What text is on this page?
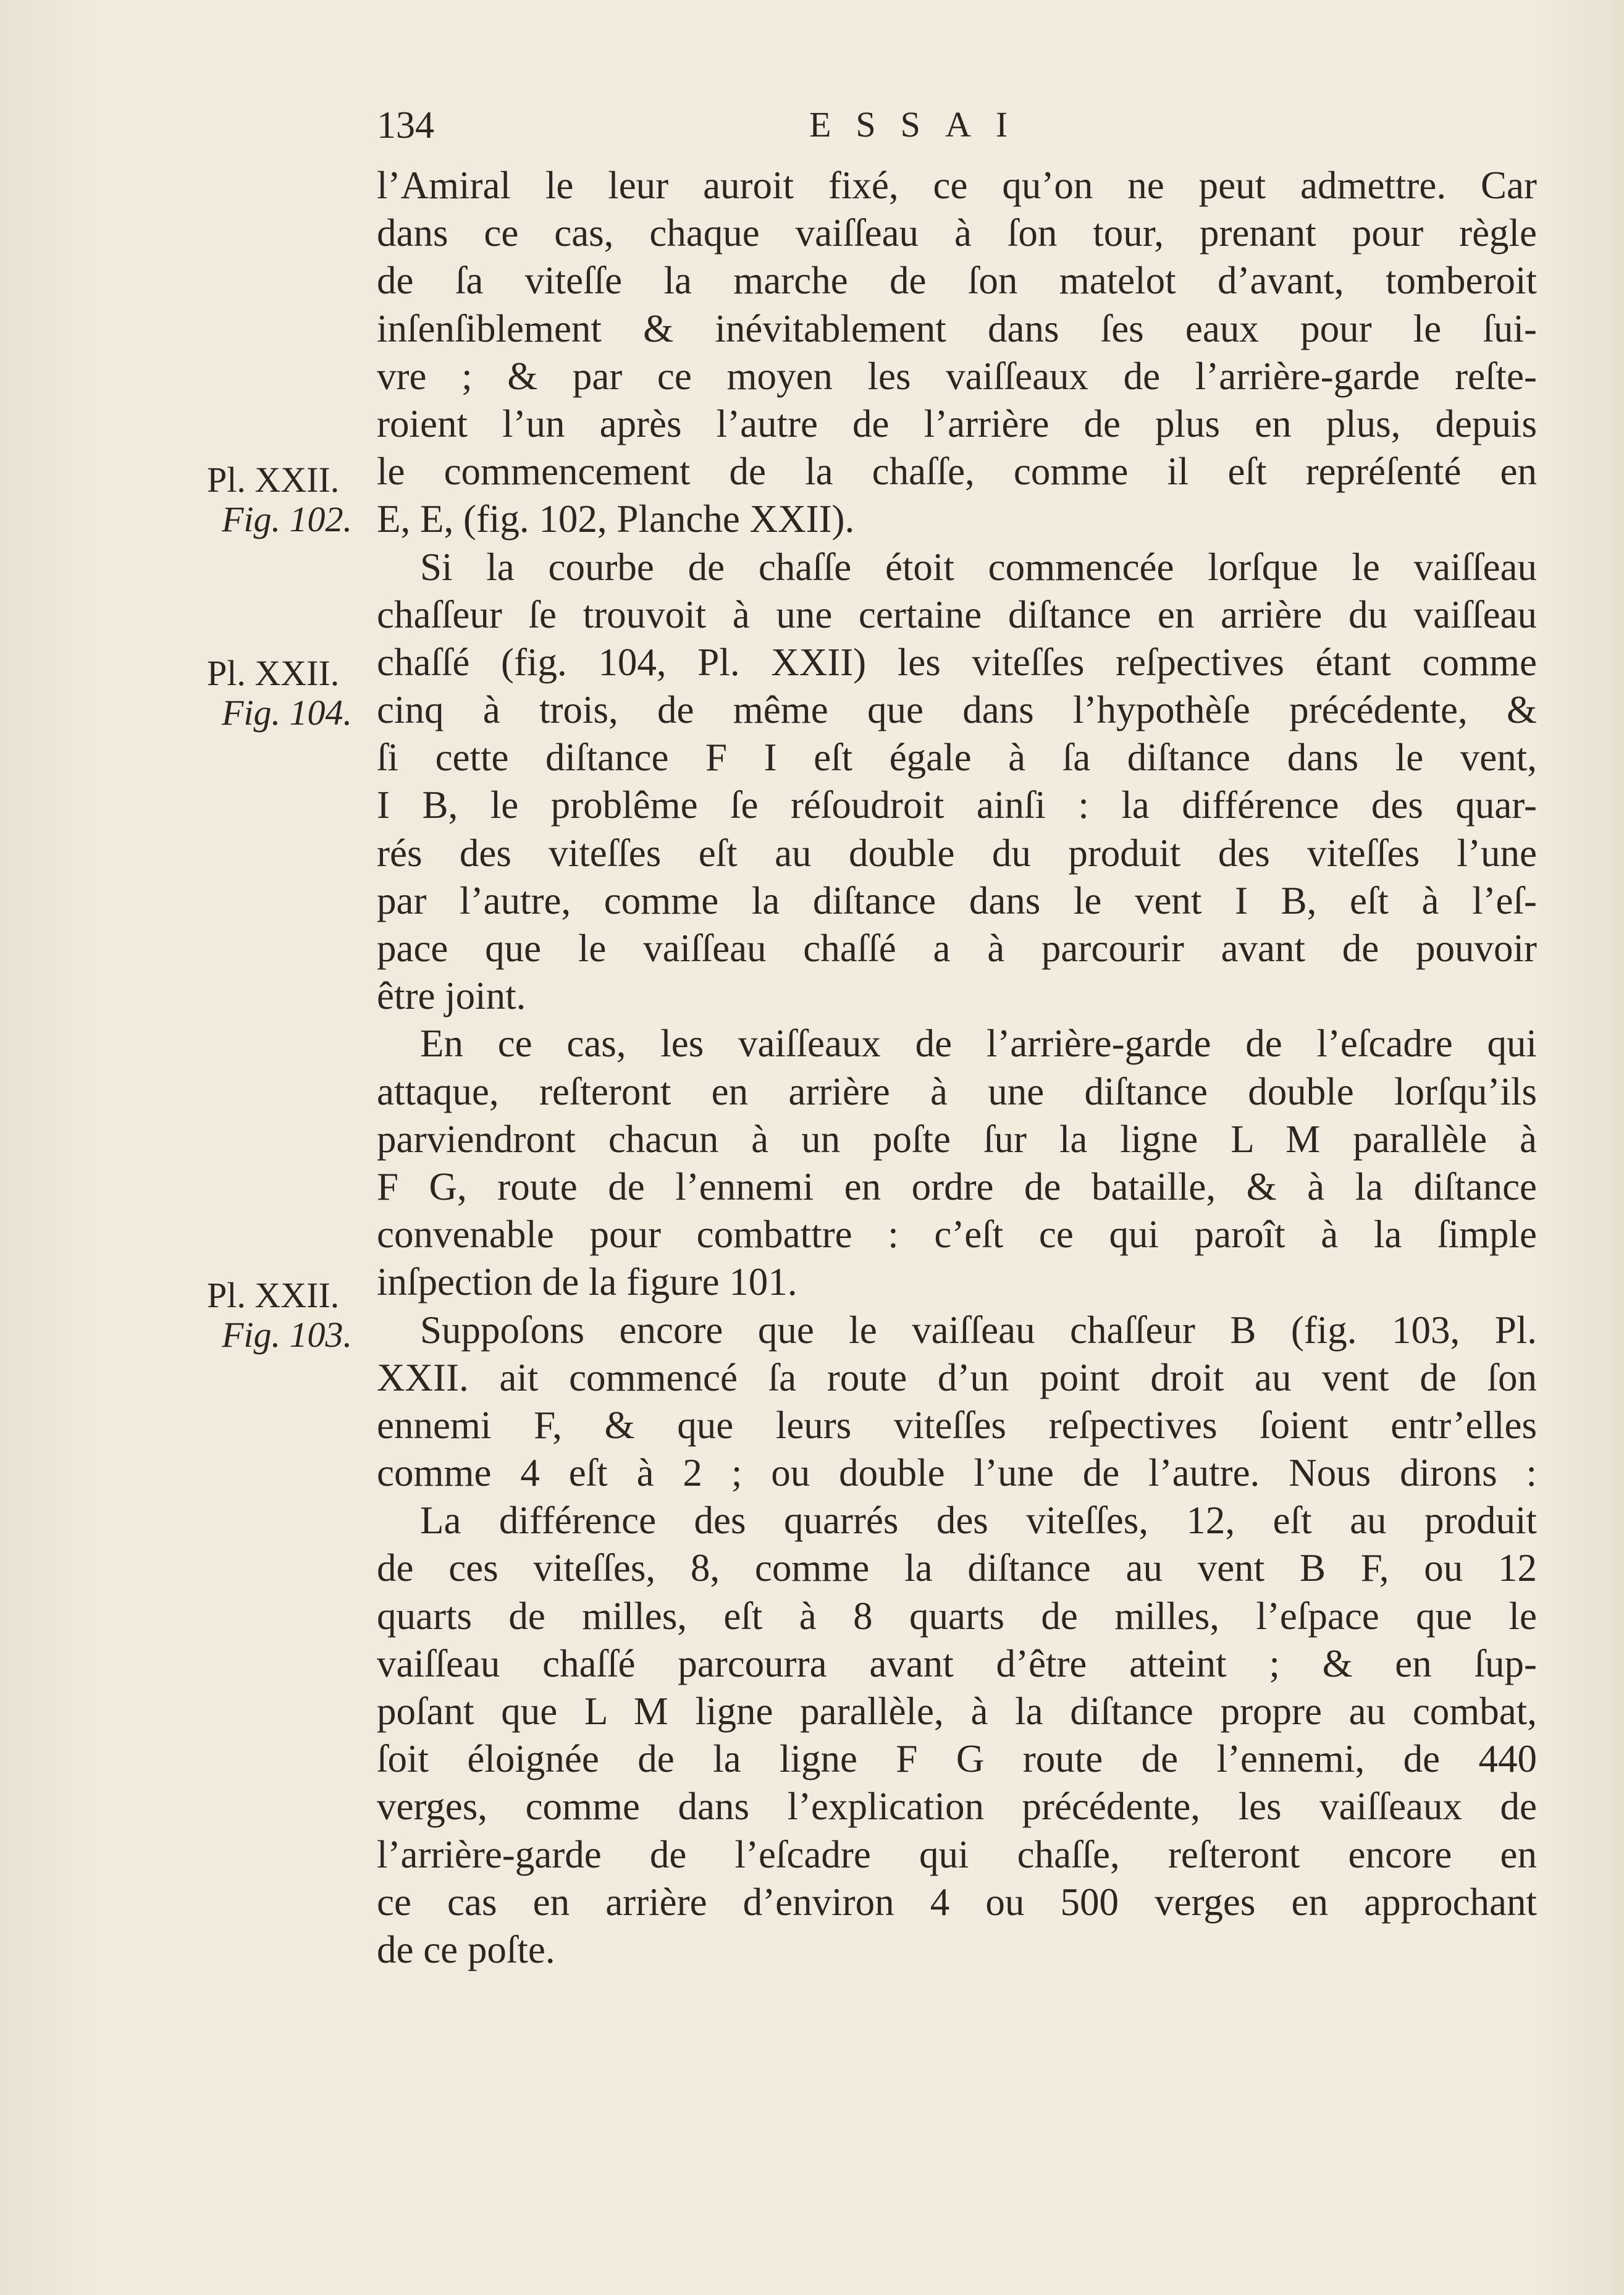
134	ESSAI
Pl. XXII.
Fig. 102.
Pl. XXII.
Fig. 104.
Pl. XXII.
Fig. 103.
l’Amiral le leur auroit fixé, ce qu’on ne peut admettre. Car
dans ce cas, chaque vaiſſeau à ſon tour, prenant pour règle
de ſa viteſſe la marche de ſon matelot d’avant, tomberoit
inſenſiblement & inévitablement dans ſes eaux pour le ſui-
vre ; & par ce moyen les vaiſſeaux de l’arrière-garde reſte-
roient l’un après l’autre de l’arrière de plus en plus, depuis
le commencement de la chaſſe, comme il eſt repréſenté en
E, E, (fig. 102, Planche XXII).
Si la courbe de chaſſe étoit commencée lorſque le vaiſſeau
chaſſeur ſe trouvoit à une certaine diſtance en arrière du vaiſſeau
chaſſé (fig. 104, Pl. XXII) les viteſſes reſpectives étant comme
cinq à trois, de même que dans l’hypothèſe précédente, &
ſi cette diſtance F I eſt égale à ſa diſtance dans le vent,
I B, le problême ſe réſoudroit ainſi : la différence des quar-
rés des viteſſes eſt au double du produit des viteſſes l’une
par l’autre, comme la diſtance dans le vent I B, eſt à l’eſ-
pace que le vaiſſeau chaſſé a à parcourir avant de pouvoir
être joint.
En ce cas, les vaiſſeaux de l’arrière-garde de l’eſcadre qui
attaque, reſteront en arrière à une diſtance double lorſqu’ils
parviendront chacun à un poſte ſur la ligne L M parallèle à
F G, route de l’ennemi en ordre de bataille, & à la diſtance
convenable pour combattre : c’eſt ce qui paroît à la ſimple
inſpection de la figure 101.
Suppoſons encore que le vaiſſeau chaſſeur B (fig. 103, Pl.
XXII. ait commencé ſa route d’un point droit au vent de ſon
ennemi F, & que leurs viteſſes reſpectives ſoient entr’elles
comme 4 eſt à 2 ; ou double l’une de l’autre. Nous dirons :
La différence des quarrés des viteſſes, 12, eſt au produit
de ces viteſſes, 8, comme la diſtance au vent B F, ou 12
quarts de milles, eſt à 8 quarts de milles, l’eſpace que le
vaiſſeau chaſſé parcourra avant d’être atteint ; & en ſup-
poſant que L M ligne parallèle, à la diſtance propre au combat,
ſoit éloignée de la ligne F G route de l’ennemi, de 440
verges, comme dans l’explication précédente, les vaiſſeaux de
l’arrière-garde de l’eſcadre qui chaſſe, reſteront encore en
ce cas en arrière d’environ 4 ou 500 verges en approchant
de ce poſte.
